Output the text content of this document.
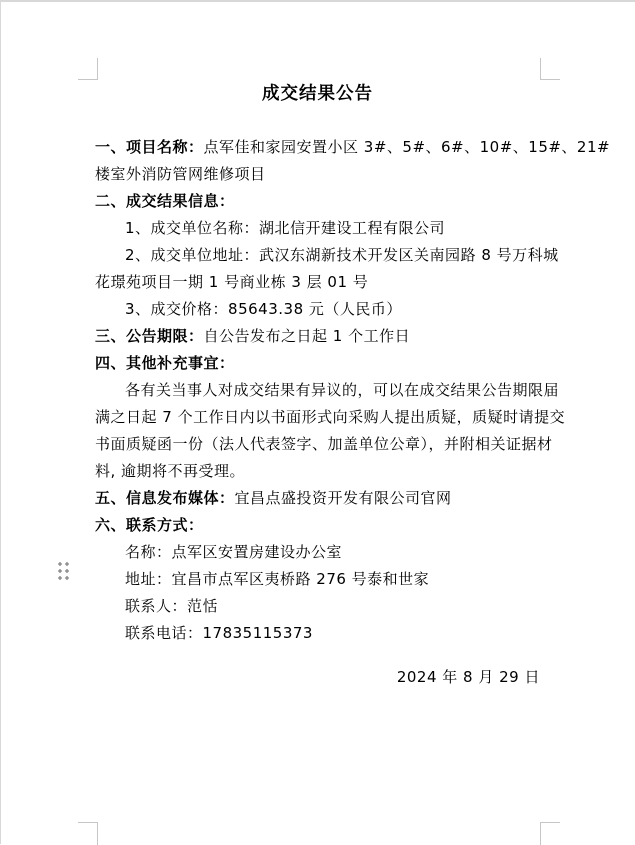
成交结果公告
一、项目名称：点军佳和家园安置小区 3#、5#、6#、10#、15#、21#
楼室外消防管网维修项目
二、成交结果信息：
1、成交单位名称：湖北信开建设工程有限公司
2、成交单位地址：武汉东湖新技术开发区关南园路 8 号万科城
花璟苑项目一期 1 号商业栋 3 层 01 号
3、成交价格：85643.38 元（人民币）
三、公告期限：自公告发布之日起 1 个工作日
四、其他补充事宜：
各有关当事人对成交结果有异议的，可以在成交结果公告期限届
满之日起 7 个工作日内以书面形式向采购人提出质疑，质疑时请提交
书面质疑函一份（法人代表签字、加盖单位公章），并附相关证据材
料, 逾期将不再受理。
五、信息发布媒体：宜昌点盛投资开发有限公司官网
六、联系方式：
名称：点军区安置房建设办公室
地址：宜昌市点军区夷桥路 276 号泰和世家
联系人：范恬
联系电话：17835115373
2024 年 8 月 29 日
